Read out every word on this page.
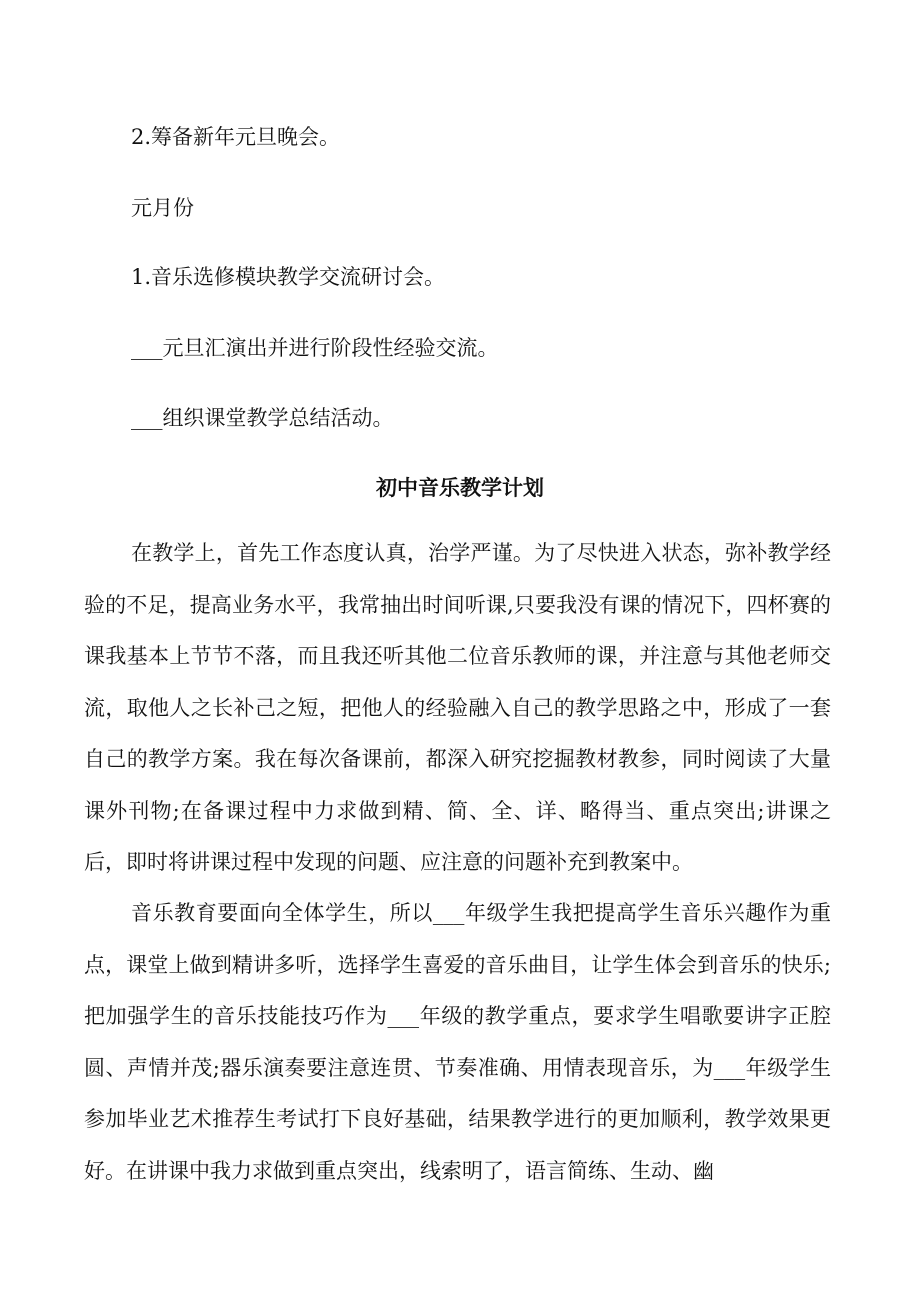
2.筹备新年元旦晚会。

元月份

1.音乐选修模块教学交流研讨会。

___元旦汇演出并进行阶段性经验交流。

___组织课堂教学总结活动。

初中音乐教学计划

在教学上，首先工作态度认真，治学严谨。为了尽快进入状态，弥补教学经验的不足，提高业务水平，我常抽出时间听课,只要我没有课的情况下，四杯赛的课我基本上节节不落，而且我还听其他二位音乐教师的课，并注意与其他老师交流，取他人之长补己之短，把他人的经验融入自己的教学思路之中，形成了一套自己的教学方案。我在每次备课前，都深入研究挖掘教材教参，同时阅读了大量课外刊物;在备课过程中力求做到精、简、全、详、略得当、重点突出;讲课之后，即时将讲课过程中发现的问题、应注意的问题补充到教案中。

音乐教育要面向全体学生，所以___年级学生我把提高学生音乐兴趣作为重点，课堂上做到精讲多听，选择学生喜爱的音乐曲目，让学生体会到音乐的快乐;把加强学生的音乐技能技巧作为___年级的教学重点，要求学生唱歌要讲字正腔圆、声情并茂;器乐演奏要注意连贯、节奏准确、用情表现音乐，为___年级学生参加毕业艺术推荐生考试打下良好基础，结果教学进行的更加顺利，教学效果更好。在讲课中我力求做到重点突出，线索明了，语言简练、生动、幽
